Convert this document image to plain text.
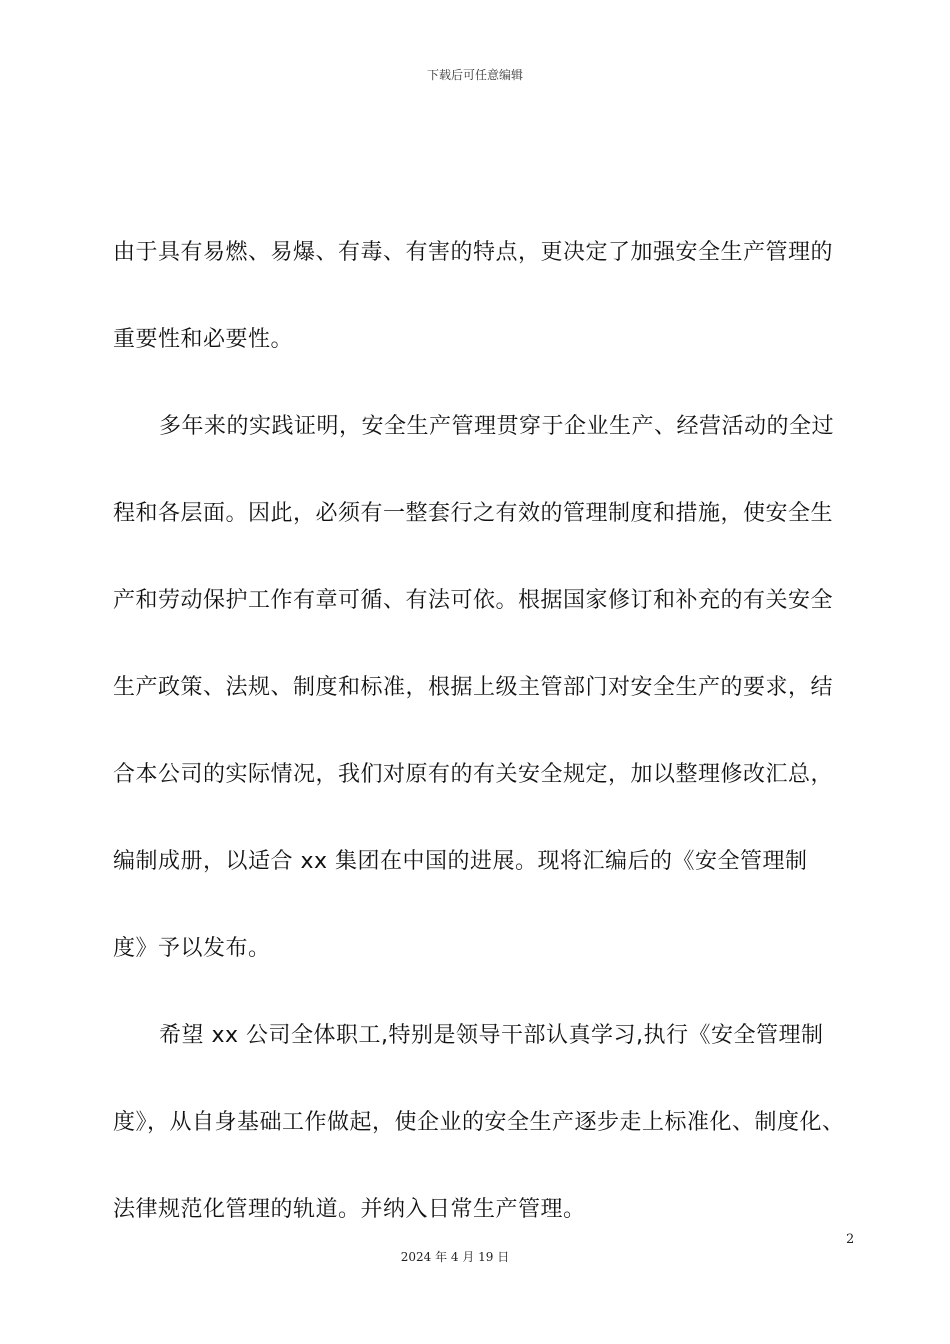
下载后可任意编辑
由于具有易燃、易爆、有毒、有害的特点，更决定了加强安全生产管理的
重要性和必要性。
多年来的实践证明，安全生产管理贯穿于企业生产、经营活动的全过
程和各层面。因此，必须有一整套行之有效的管理制度和措施，使安全生
产和劳动保护工作有章可循、有法可依。根据国家修订和补充的有关安全
生产政策、法规、制度和标准，根据上级主管部门对安全生产的要求，结
合本公司的实际情况，我们对原有的有关安全规定，加以整理修改汇总，
编制成册，以适合 xx 集团在中国的进展。现将汇编后的《安全管理制
度》予以发布。
希望 xx 公司全体职工,特别是领导干部认真学习,执行《安全管理制
度》，从自身基础工作做起，使企业的安全生产逐步走上标准化、制度化、
法律规范化管理的轨道。并纳入日常生产管理。
2
2024 年 4 月 19 日
